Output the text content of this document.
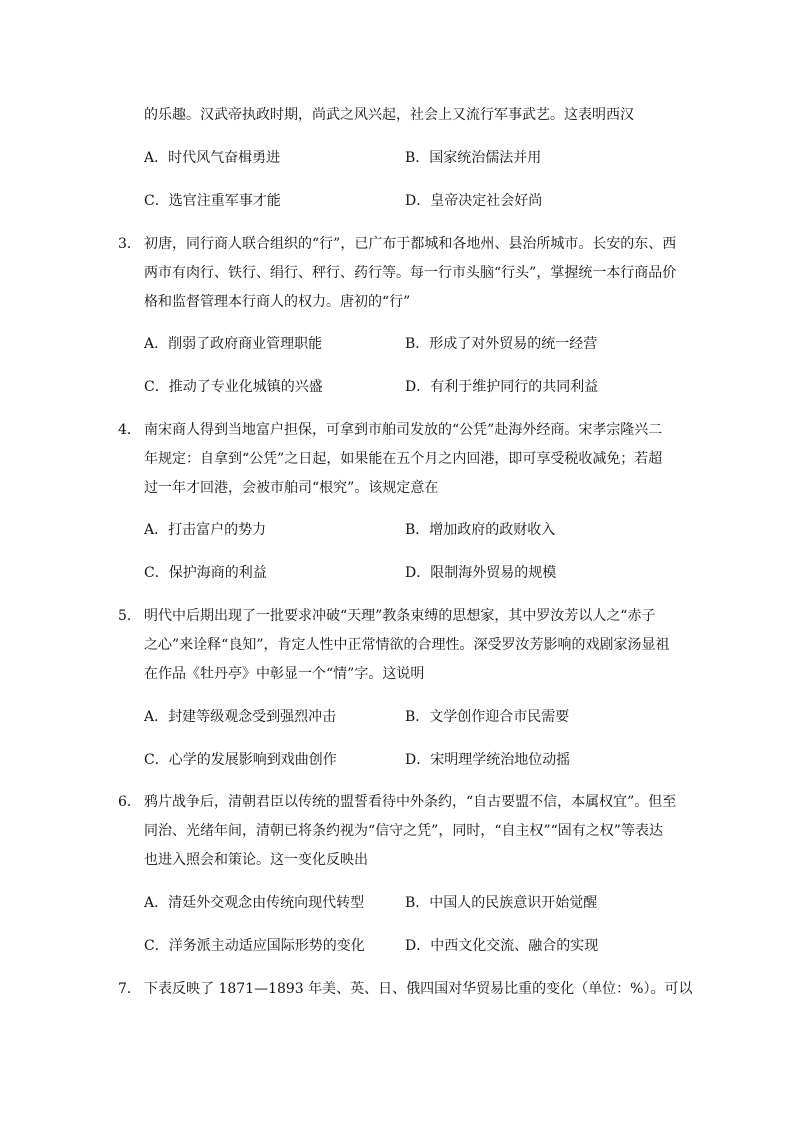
的乐趣。汉武帝执政时期，尚武之风兴起，社会上又流行军事武艺。这表明西汉
A．时代风气奋楫勇进	B．国家统治儒法并用
C．选官注重军事才能	D．皇帝决定社会好尚
3． 初唐，同行商人联合组织的“行”，已广布于都城和各地州、县治所城市。长安的东、西
两市有肉行、铁行、绢行、秤行、药行等。每一行市头脑“行头”，掌握统一本行商品价
格和监督管理本行商人的权力。唐初的“行”
A．削弱了政府商业管理职能	B．形成了对外贸易的统一经营
C．推动了专业化城镇的兴盛	D．有利于维护同行的共同利益
4． 南宋商人得到当地富户担保，可拿到市舶司发放的“公凭”赴海外经商。宋孝宗隆兴二
年规定：自拿到“公凭”之日起，如果能在五个月之内回港，即可享受税收减免；若超
过一年才回港，会被市舶司“根究”。该规定意在
A．打击富户的势力	B．增加政府的政财收入
C．保护海商的利益	D．限制海外贸易的规模
5． 明代中后期出现了一批要求冲破“天理”教条束缚的思想家，其中罗汝芳以人之“赤子
之心”来诠释“良知”，肯定人性中正常情欲的合理性。深受罗汝芳影响的戏剧家汤显祖
在作品《牡丹亭》中彰显一个“情”字。这说明
A．封建等级观念受到强烈冲击	B．文学创作迎合市民需要
C．心学的发展影响到戏曲创作	D．宋明理学统治地位动摇
6． 鸦片战争后，清朝君臣以传统的盟誓看待中外条约，“自古要盟不信，本属权宜”。但至
同治、光绪年间，清朝已将条约视为“信守之凭”，同时，“自主权”“固有之权”等表达
也进入照会和策论。这一变化反映出
A．清廷外交观念由传统向现代转型	B．中国人的民族意识开始觉醒
C．洋务派主动适应国际形势的变化	D．中西文化交流、融合的实现
7． 下表反映了 1871—1893 年美、英、日、俄四国对华贸易比重的变化（单位：%）。可以
